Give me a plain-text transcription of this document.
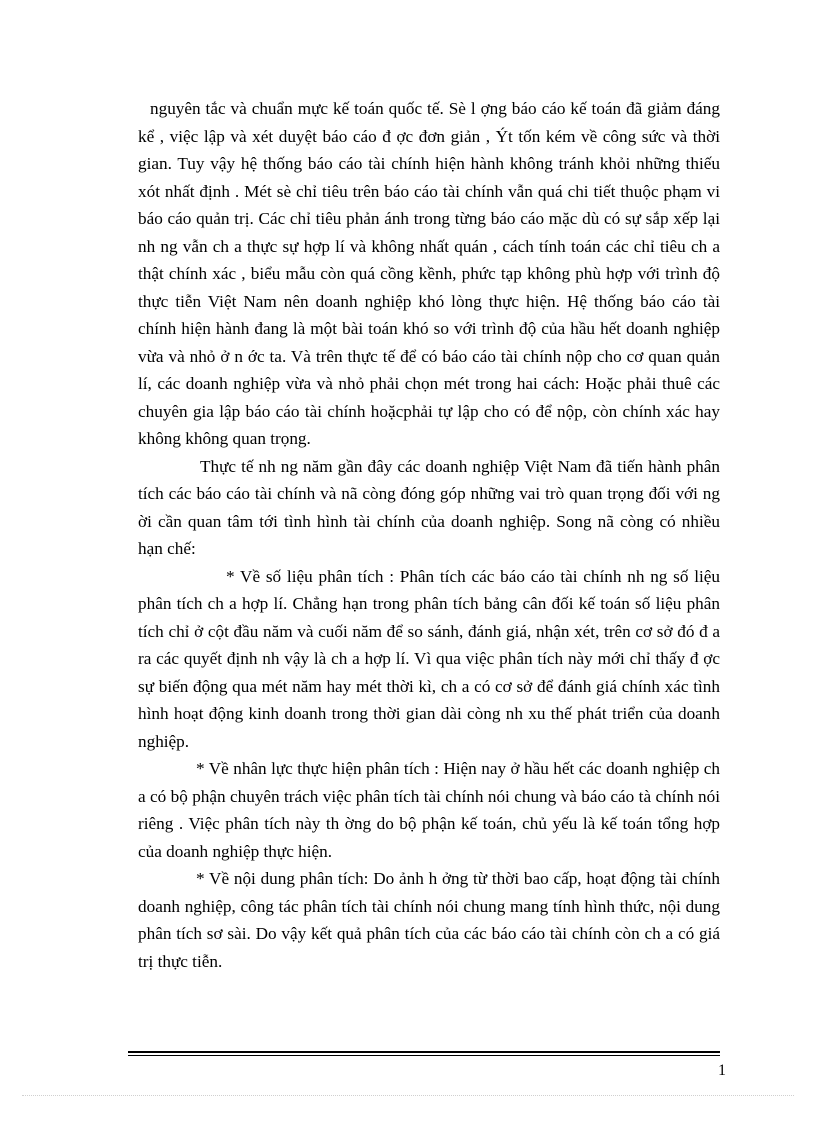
nguyên tắc và chuẩn mực kế toán quốc tế. Sè l ợng báo cáo kế toán đã giảm đáng kể , việc lập và xét duyệt báo cáo đ ợc đơn giản , Ýt tốn kém về công sức và thời gian. Tuy vậy hệ thống báo cáo tài chính hiện hành không tránh khỏi những thiếu xót nhất định . Mét sè chỉ tiêu trên báo cáo tài chính vẫn quá chi tiết thuộc phạm vi báo cáo quản trị. Các chỉ tiêu phản ánh trong từng báo cáo mặc dù có sự sắp xếp lại nh ng vẫn ch a thực sự hợp lí và không nhất quán , cách tính toán các chỉ tiêu ch a thật chính xác , biểu mẫu còn quá cồng kềnh, phức tạp không phù hợp với trình độ thực tiễn Việt Nam nên doanh nghiệp khó lòng thực hiện. Hệ thống báo cáo tài chính hiện hành đang là một bài toán khó so với trình độ của hầu hết doanh nghiệp vừa và nhỏ ở n ớc ta. Và trên thực tế để có báo cáo tài chính nộp cho cơ quan quản lí, các doanh nghiệp vừa và nhỏ phải chọn mét trong hai cách: Hoặc phải thuê các chuyên gia lập báo cáo tài chính hoặcphải tự lập cho có để nộp, còn chính xác hay không không quan trọng.

Thực tế nh ng năm gần đây các doanh nghiệp Việt Nam đã tiến hành phân tích các báo cáo tài chính và nã còng đóng góp những vai trò quan trọng đối với ng ời cần quan tâm tới tình hình tài chính của doanh nghiệp. Song nã còng có nhiều hạn chế:

* Về số liệu phân tích : Phân tích các báo cáo tài chính nh ng số liệu phân tích ch a hợp lí. Chẳng hạn trong phân tích bảng cân đối kế toán số liệu phân tích chỉ ở cột đầu năm và cuối năm để so sánh, đánh giá, nhận xét, trên cơ sở đó đ a ra các quyết định nh vậy là ch a hợp lí. Vì qua việc phân tích này mới chỉ thấy đ ợc sự biến động qua mét năm hay mét thời kì, ch a có cơ sở để đánh giá chính xác tình hình hoạt động kinh doanh trong thời gian dài còng nh xu thế phát triển của doanh nghiệp.

* Về nhân lực thực hiện phân tích : Hiện nay ở hầu hết các doanh nghiệp ch a có bộ phận chuyên trách việc phân tích tài chính nói chung và báo cáo tà chính nói riêng . Việc phân tích này th ờng do bộ phận kế toán, chủ yếu là kế toán tổng hợp của doanh nghiệp thực hiện.

* Về nội dung phân tích: Do ảnh h ởng từ thời bao cấp, hoạt động tài chính doanh nghiệp, công tác phân tích tài chính nói chung mang tính hình thức, nội dung phân tích sơ sài. Do vậy kết quả phân tích của các báo cáo tài chính còn ch a có giá trị thực tiễn.

1
